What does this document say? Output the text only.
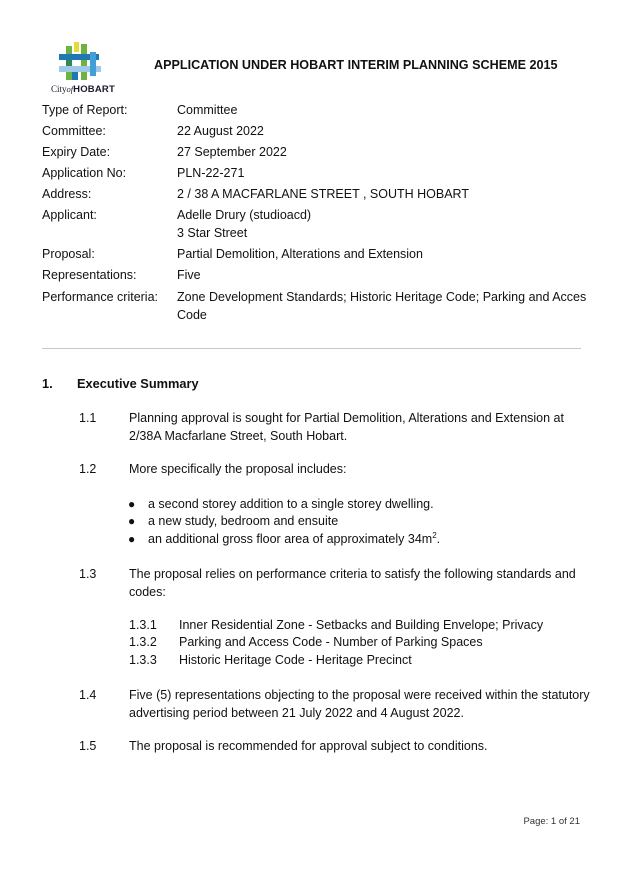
CityofHOBART
APPLICATION UNDER HOBART INTERIM PLANNING SCHEME 2015
Type of Report:	Committee
Committee:	22 August 2022
Expiry Date:	27 September 2022
Application No:	PLN-22-271
Address:	2 / 38 A MACFARLANE STREET , SOUTH HOBART
Applicant:	Adelle Drury (studioacd)
3 Star Street
Proposal:	Partial Demolition, Alterations and Extension
Representations:	Five
Performance criteria: Zone Development Standards; Historic Heritage Code; Parking and Acces
Code
1. Executive Summary
1.1	Planning approval is sought for Partial Demolition, Alterations and Extension at
2/38A Macfarlane Street, South Hobart.
1.2	More specifically the proposal includes:
● a second storey addition to a single storey dwelling.
● a new study, bedroom and ensuite
● an additional gross floor area of approximately $34m^2$.
1.3	The proposal relies on performance criteria to satisfy the following standards and
codes:
1.3.1 Inner Residential Zone - Setbacks and Building Envelope; Privacy
1.3.2 Parking and Access Code - Number of Parking Spaces
1.3.3 Historic Heritage Code - Heritage Precinct
1.4	Five (5) representations objecting to the proposal were received within the statutory
advertising period between 21 July 2022 and 4 August 2022.
1.5	The proposal is recommended for approval subject to conditions.
Page: 1 of 21
